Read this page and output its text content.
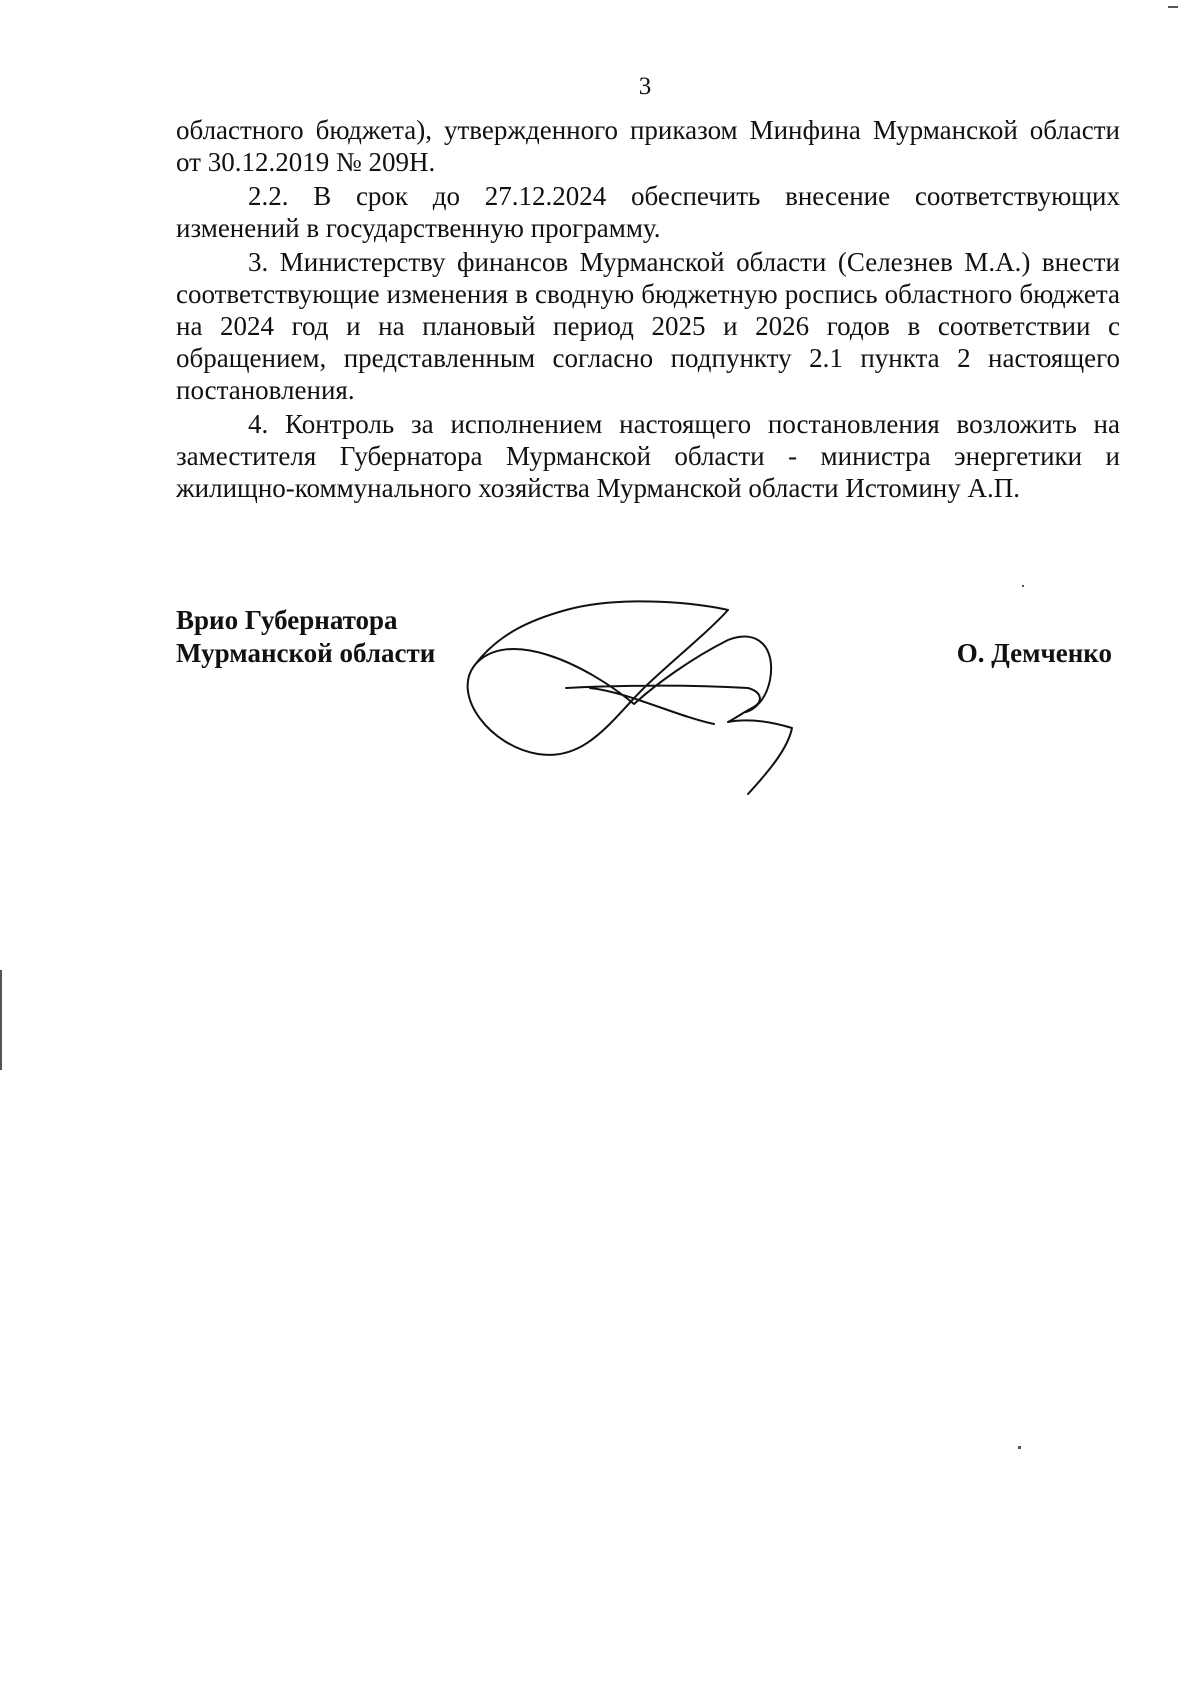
3

областного бюджета), утвержденного приказом Минфина Мурманской области от 30.12.2019 № 209Н.

2.2. В срок до 27.12.2024 обеспечить внесение соответствующих изменений в государственную программу.

3. Министерству финансов Мурманской области (Селезнев М.А.) внести соответствующие изменения в сводную бюджетную роспись областного бюджета на 2024 год и на плановый период 2025 и 2026 годов в соответствии с обращением, представленным согласно подпункту 2.1 пункта 2 настоящего постановления.

4. Контроль за исполнением настоящего постановления возложить на заместителя Губернатора Мурманской области - министра энергетики и жилищно-коммунального хозяйства Мурманской области Истомину А.П.

Врио Губернатора
Мурманской области	О. Демченко
